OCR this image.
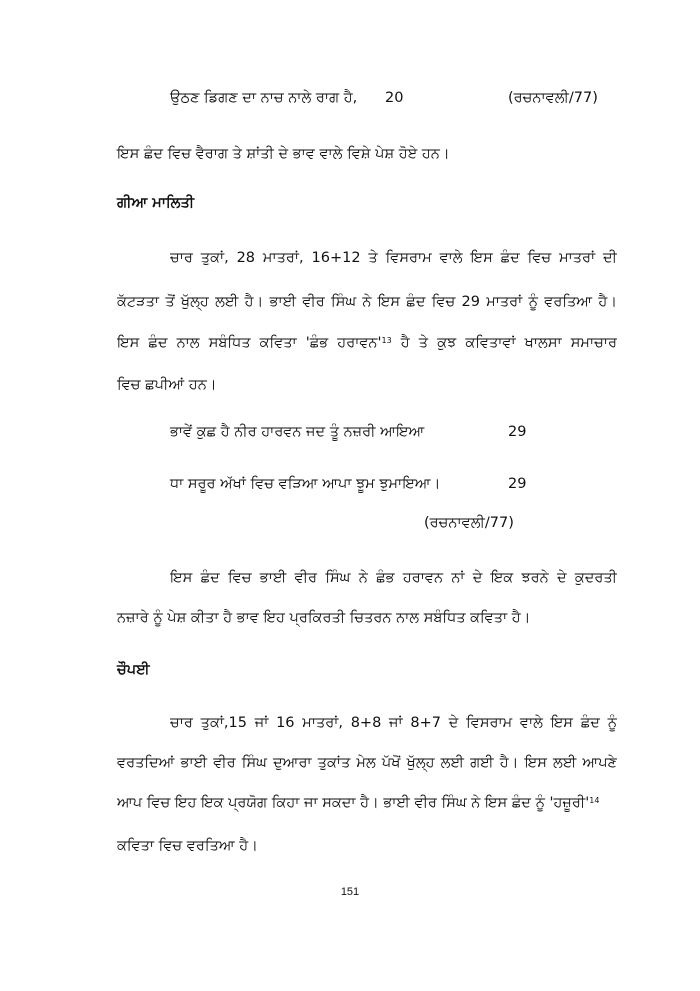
ਉਠਣ ਡਿਗਣ ਦਾ ਨਾਚ ਨਾਲੇ ਰਾਗ ਹੈ, 20	(ਰਚਨਾਵਲੀ/77)
ਇਸ ਛੰਦ ਵਿਚ ਵੈਰਾਗ ਤੇ ਸ਼ਾਂਤੀ ਦੇ ਭਾਵ ਵਾਲੇ ਵਿਸ਼ੇ ਪੇਸ਼ ਹੋਏ ਹਨ।
ਗੀਆ ਮਾਲਿਤੀ
ਚਾਰ ਤੁਕਾਂ, 28 ਮਾਤਰਾਂ, 16+12 ਤੇ ਵਿਸਰਾਮ ਵਾਲੇ ਇਸ ਛੰਦ ਵਿਚ ਮਾਤਰਾਂ ਦੀ
ਕੱਟੜਤਾ ਤੋਂ ਖੁੱਲ੍ਹ ਲਈ ਹੈ। ਭਾਈ ਵੀਰ ਸਿੰਘ ਨੇ ਇਸ ਛੰਦ ਵਿਚ 29 ਮਾਤਰਾਂ ਨੂੰ ਵਰਤਿਆ ਹੈ।
ਇਸ ਛੰਦ ਨਾਲ ਸਬੰਧਿਤ ਕਵਿਤਾ 'ਛੰਭ $ਹਰਾਵਨ'^{13}$ ਹੈ ਤੇ ਕੁਝ ਕਵਿਤਾਵਾਂ ਖਾਲਸਾ ਸਮਾਚਾਰ
ਵਿਚ ਛਪੀਆਂ ਹਨ।
ਭਾਵੇਂ ਕੁਛ ਹੈ ਨੀਰ ਹਾਰਵਨ ਜਦ ਤੂੰ ਨਜ਼ਰੀ ਆਇਆ	29
ਧਾ ਸਰੂਰ ਅੱਖਾਂ ਵਿਚ ਵੜਿਆ ਆਪਾ ਝੂਮ ਝੁਮਾਇਆ।	29
(ਰਚਨਾਵਲੀ/77)
ਇਸ ਛੰਦ ਵਿਚ ਭਾਈ ਵੀਰ ਸਿੰਘ ਨੇ ਛੰਭ ਹਰਾਵਨ ਨਾਂ ਦੇ ਇਕ ਝਰਨੇ ਦੇ ਕੁਦਰਤੀ
ਨਜ਼ਾਰੇ ਨੂੰ ਪੇਸ਼ ਕੀਤਾ ਹੈ ਭਾਵ ਇਹ ਪ੍ਰਕਿਰਤੀ ਚਿਤਰਨ ਨਾਲ ਸਬੰਧਿਤ ਕਵਿਤਾ ਹੈ।
ਚੌਪਈ
ਚਾਰ ਤੁਕਾਂ,15 ਜਾਂ 16 ਮਾਤਰਾਂ, 8+8 ਜਾਂ 8+7 ਦੇ ਵਿਸਰਾਮ ਵਾਲੇ ਇਸ ਛੰਦ ਨੂੰ
ਵਰਤਦਿਆਂ ਭਾਈ ਵੀਰ ਸਿੰਘ ਦੁਆਰਾ ਤੁਕਾਂਤ ਮੇਲ ਪੱਖੋਂ ਖੁੱਲ੍ਹ ਲਈ ਗਈ ਹੈ। ਇਸ ਲਈ ਆਪਣੇ
ਆਪ ਵਿਚ ਇਹ ਇਕ ਪ੍ਰਯੋਗ ਕਿਹਾ ਜਾ ਸਕਦਾ ਹੈ। ਭਾਈ ਵੀਰ ਸਿੰਘ ਨੇ ਇਸ ਛੰਦ ਨੂੰ '$ਹਜ਼ੂਰੀ'^{14}$
ਕਵਿਤਾ ਵਿਚ ਵਰਤਿਆ ਹੈ।
151
